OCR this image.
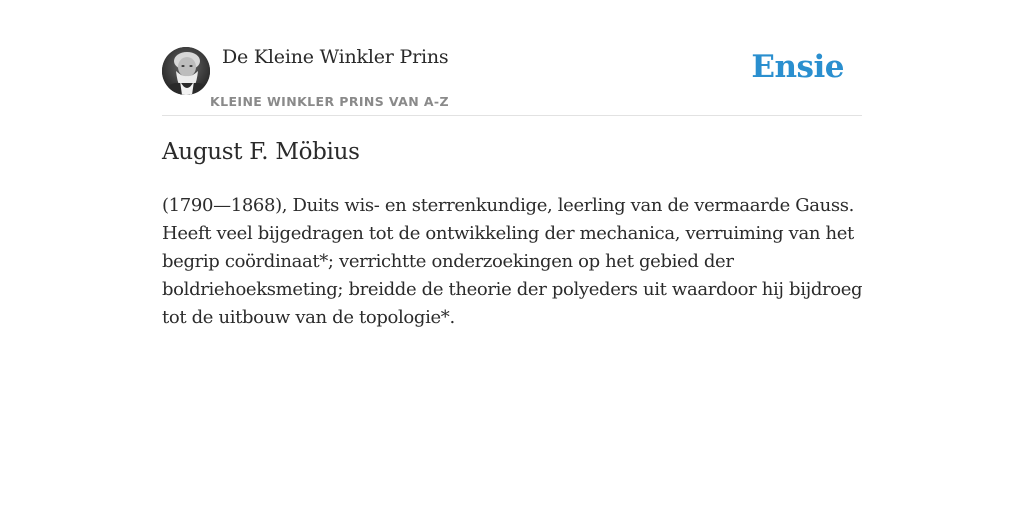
De Kleine Winkler Prins
KLEINE WINKLER PRINS VAN A-Z
Ensie
August F. Möbius

(1790—1868), Duits wis- en sterrenkundige, leerling van de vermaarde Gauss.
Heeft veel bijgedragen tot de ontwikkeling der mechanica, verruiming van het
begrip coördinaat*; verrichtte onderzoekingen op het gebied der
boldriehoeksmeting; breidde de theorie der polyeders uit waardoor hij bijdroeg
tot de uitbouw van de topologie*.
